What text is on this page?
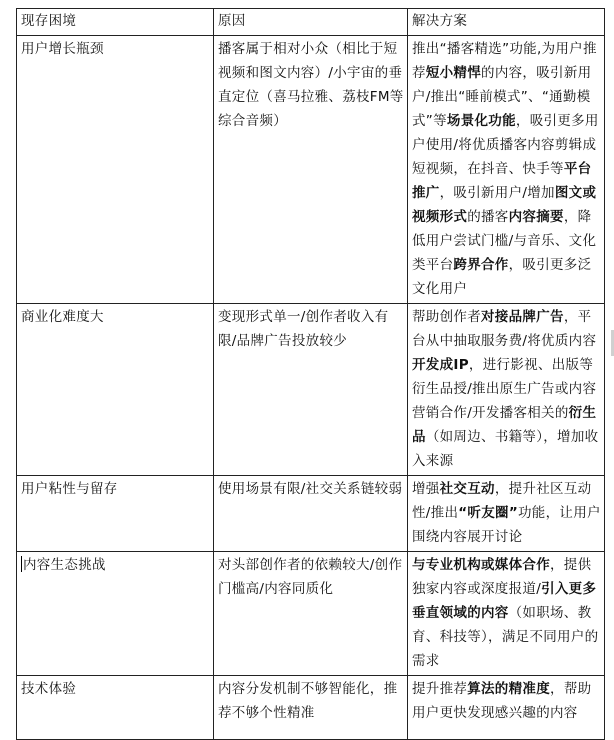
现存困境	原因	解决方案
用户增长瓶颈	播客属于相对小众（相比于短视频和图文内容）/小宇宙的垂直定位（喜马拉雅、荔枝FM等综合音频）	推出“播客精选”功能,为用户推荐短小精悍的内容，吸引新用户/推出“睡前模式”、“通勤模式”等场景化功能，吸引更多用户使用/将优质播客内容剪辑成短视频，在抖音、快手等平台推广，吸引新用户/增加图文或视频形式的播客内容摘要，降低用户尝试门槛/与音乐、文化类平台跨界合作，吸引更多泛文化用户
商业化难度大	变现形式单一/创作者收入有限/品牌广告投放较少	帮助创作者对接品牌广告，平台从中抽取服务费/将优质内容开发成IP，进行影视、出版等衍生品授/推出原生广告或内容营销合作/开发播客相关的衍生品（如周边、书籍等），增加收入来源
用户粘性与留存	使用场景有限/社交关系链较弱	增强社交互动，提升社区互动性/推出“听友圈”功能，让用户围绕内容展开讨论
内容生态挑战	对头部创作者的依赖较大/创作门槛高/内容同质化	与专业机构或媒体合作，提供独家内容或深度报道/引入更多垂直领域的内容（如职场、教育、科技等），满足不同用户的需求
技术体验	内容分发机制不够智能化，推荐不够个性精准	提升推荐算法的精准度，帮助用户更快发现感兴趣的内容
